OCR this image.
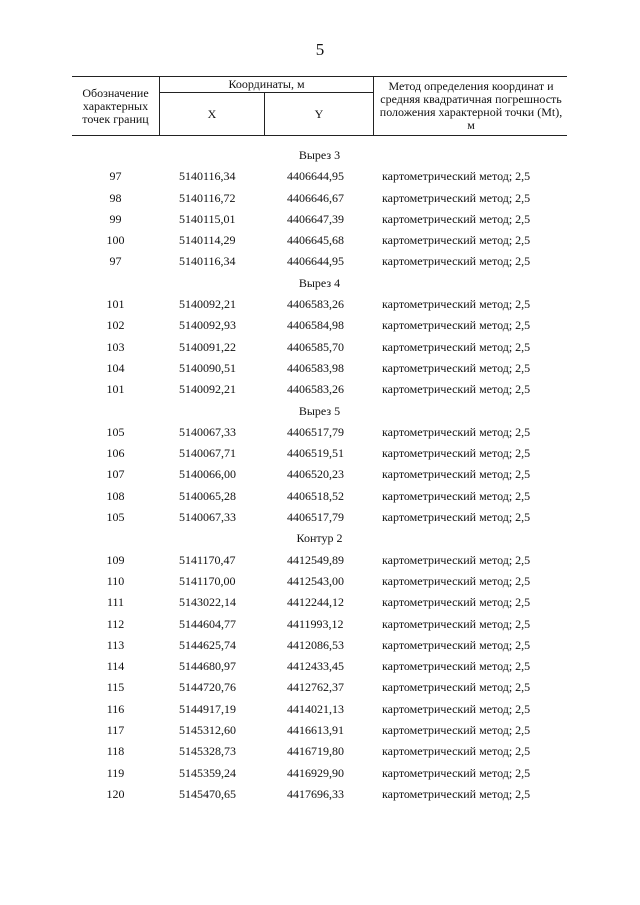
5
Обозначение характерных точек границ
Координаты, м
X	Y
Метод определения координат и средняя квадратичная погрешность положения характерной точки (Mt), м
Вырез 3
97	5140116,34	4406644,95	картометрический метод; 2,5
98	5140116,72	4406646,67	картометрический метод; 2,5
99	5140115,01	4406647,39	картометрический метод; 2,5
100	5140114,29	4406645,68	картометрический метод; 2,5
97	5140116,34	4406644,95	картометрический метод; 2,5
Вырез 4
101	5140092,21	4406583,26	картометрический метод; 2,5
102	5140092,93	4406584,98	картометрический метод; 2,5
103	5140091,22	4406585,70	картометрический метод; 2,5
104	5140090,51	4406583,98	картометрический метод; 2,5
101	5140092,21	4406583,26	картометрический метод; 2,5
Вырез 5
105	5140067,33	4406517,79	картометрический метод; 2,5
106	5140067,71	4406519,51	картометрический метод; 2,5
107	5140066,00	4406520,23	картометрический метод; 2,5
108	5140065,28	4406518,52	картометрический метод; 2,5
105	5140067,33	4406517,79	картометрический метод; 2,5
Контур 2
109	5141170,47	4412549,89	картометрический метод; 2,5
110	5141170,00	4412543,00	картометрический метод; 2,5
111	5143022,14	4412244,12	картометрический метод; 2,5
112	5144604,77	4411993,12	картометрический метод; 2,5
113	5144625,74	4412086,53	картометрический метод; 2,5
114	5144680,97	4412433,45	картометрический метод; 2,5
115	5144720,76	4412762,37	картометрический метод; 2,5
116	5144917,19	4414021,13	картометрический метод; 2,5
117	5145312,60	4416613,91	картометрический метод; 2,5
118	5145328,73	4416719,80	картометрический метод; 2,5
119	5145359,24	4416929,90	картометрический метод; 2,5
120	5145470,65	4417696,33	картометрический метод; 2,5
